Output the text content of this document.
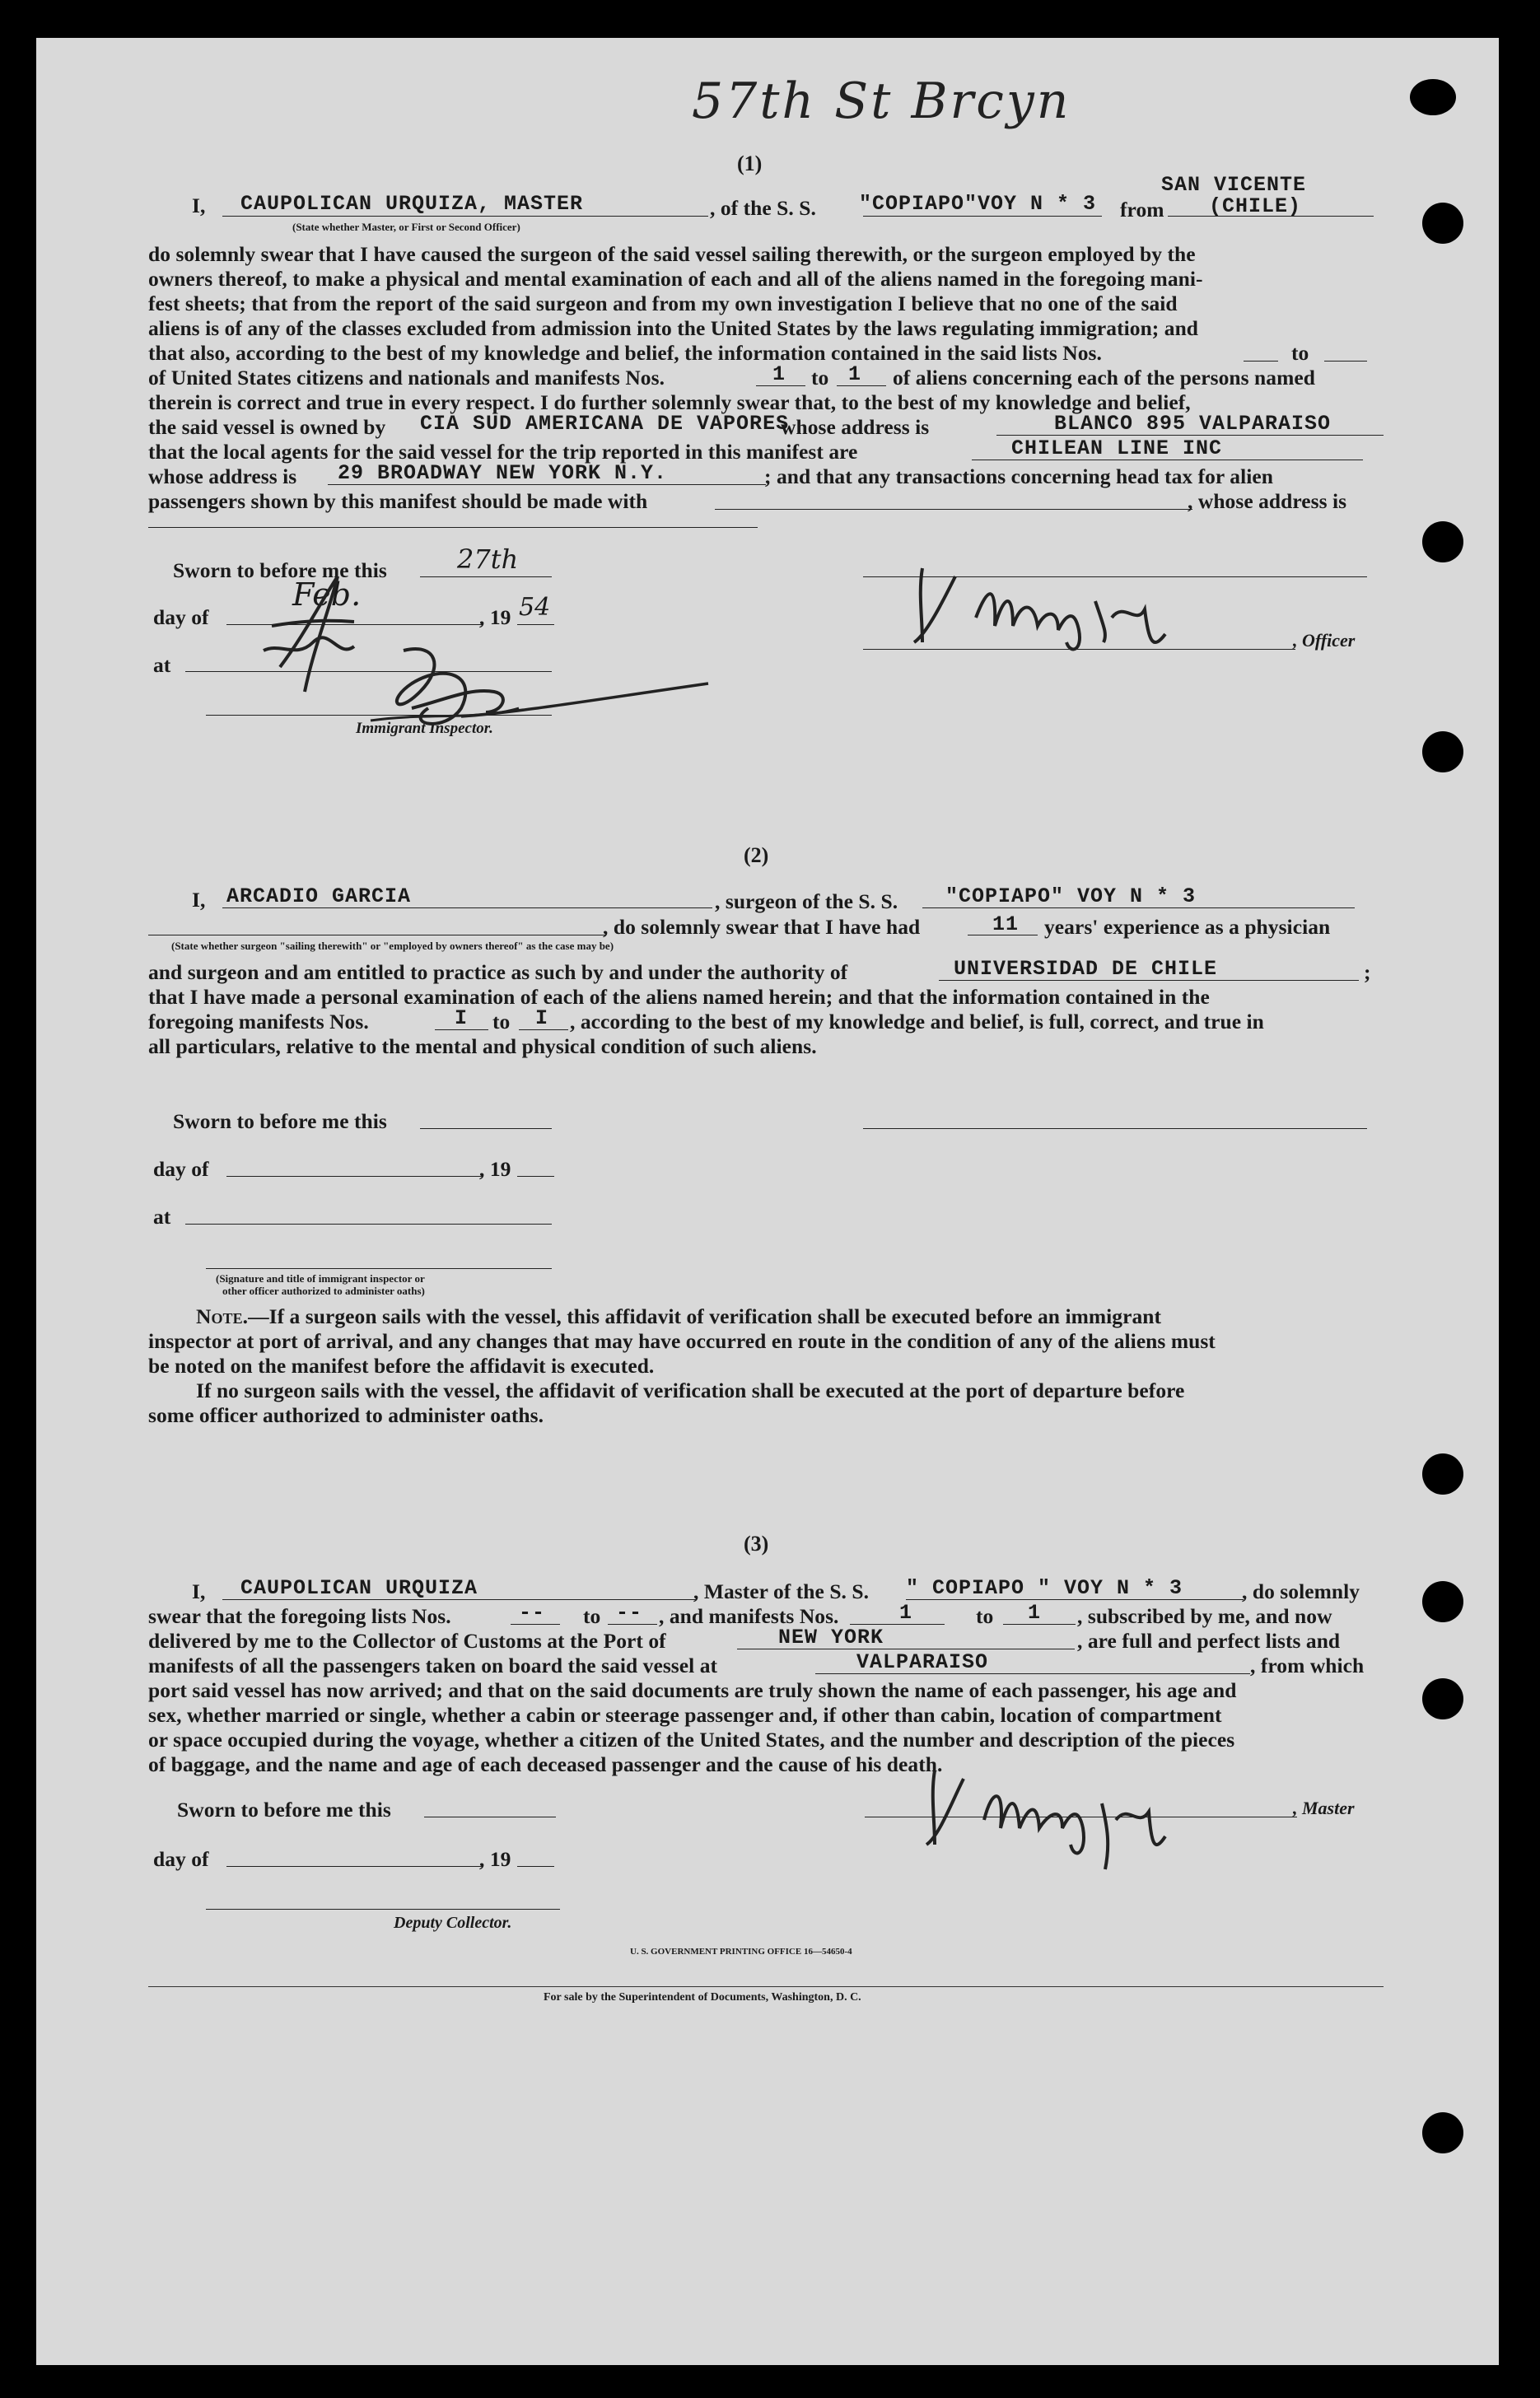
57th St Brcyn
(1)
I, CAUPOLICAN URQUIZA, MASTER	, of the S. S. "COPIAPO"VOY N * 3 from
SAN VICENTE
(CHILE)
(State whether Master, or First or Second Officer)
do solemnly swear that I have caused the surgeon of the said vessel sailing therewith, or the surgeon employed by the
owners thereof, to make a physical and mental examination of each and all of the aliens named in the foregoing mani-
fest sheets; that from the report of the said surgeon and from my own investigation I believe that no one of the said
aliens is of any of the classes excluded from admission into the United States by the laws regulating immigration; and
that also, according to the best of my knowledge and belief, the information contained in the said lists Nos.	to
of United States citizens and nationals and manifests Nos.	1 to 1 of aliens concerning each of the persons named
therein is correct and true in every respect. I do further solemnly swear that, to the best of my knowledge and belief,
the said vessel is owned by CIA SUD AMERICANA DE VAPORES
whose address is	BLANCO 895 VALPARAISO
that the local agents for the said vessel for the trip reported in this manifest are	CHILEAN LINE INC
whose address is 29 BROADWAY NEW YORK N.Y.	; and that any transactions concerning head tax for alien
passengers shown by this manifest should be made with	, whose address is
Sworn to before me this	27th
day of
Feb.
, 19 54
at
Immigrant Inspector.
, Officer
(2)
I, ARCADIO GARCIA	, surgeon of the S. S. "COPIAPO" VOY N * 3
, do solemnly swear that I have had	11 years' experience as a physician
(State whether surgeon "sailing therewith" or "employed by owners thereof" as the case may be)
and surgeon and am entitled to practice as such by and under the authority of	UNIVERSIDAD DE CHILE	;
that I have made a personal examination of each of the aliens named herein; and that the information contained in the
foregoing manifests Nos.	I to I , according to the best of my knowledge and belief, is full, correct, and true in
all particulars, relative to the mental and physical condition of such aliens.
Sworn to before me this
day of	, 19
at
(Signature and title of immigrant inspector or
other officer authorized to administer oaths)
Note.—If a surgeon sails with the vessel, this affidavit of verification shall be executed before an immigrant
inspector at port of arrival, and any changes that may have occurred en route in the condition of any of the aliens must
be noted on the manifest before the affidavit is executed.
If no surgeon sails with the vessel, the affidavit of verification shall be executed at the port of departure before
some officer authorized to administer oaths.
(3)
I, CAUPOLICAN URQUIZA	, Master of the S. S. " COPIAPO " VOY N * 3	, do solemnly
swear that the foregoing lists Nos.	-- to -- , and manifests Nos.	1	to 1 , subscribed by me, and now
delivered by me to the Collector of Customs at the Port of	NEW YORK	, are full and perfect lists and
manifests of all the passengers taken on board the said vessel at	VALPARAISO	, from which
port said vessel has now arrived; and that on the said documents are truly shown the name of each passenger, his age and
sex, whether married or single, whether a cabin or steerage passenger and, if other than cabin, location of compartment
or space occupied during the voyage, whether a citizen of the United States, and the number and description of the pieces
of baggage, and the name and age of each deceased passenger and the cause of his death.
Sworn to before me this
day of	, 19
Deputy Collector.
, Master
U. S. GOVERNMENT PRINTING OFFICE 16—54650-4
For sale by the Superintendent of Documents, Washington, D. C.
